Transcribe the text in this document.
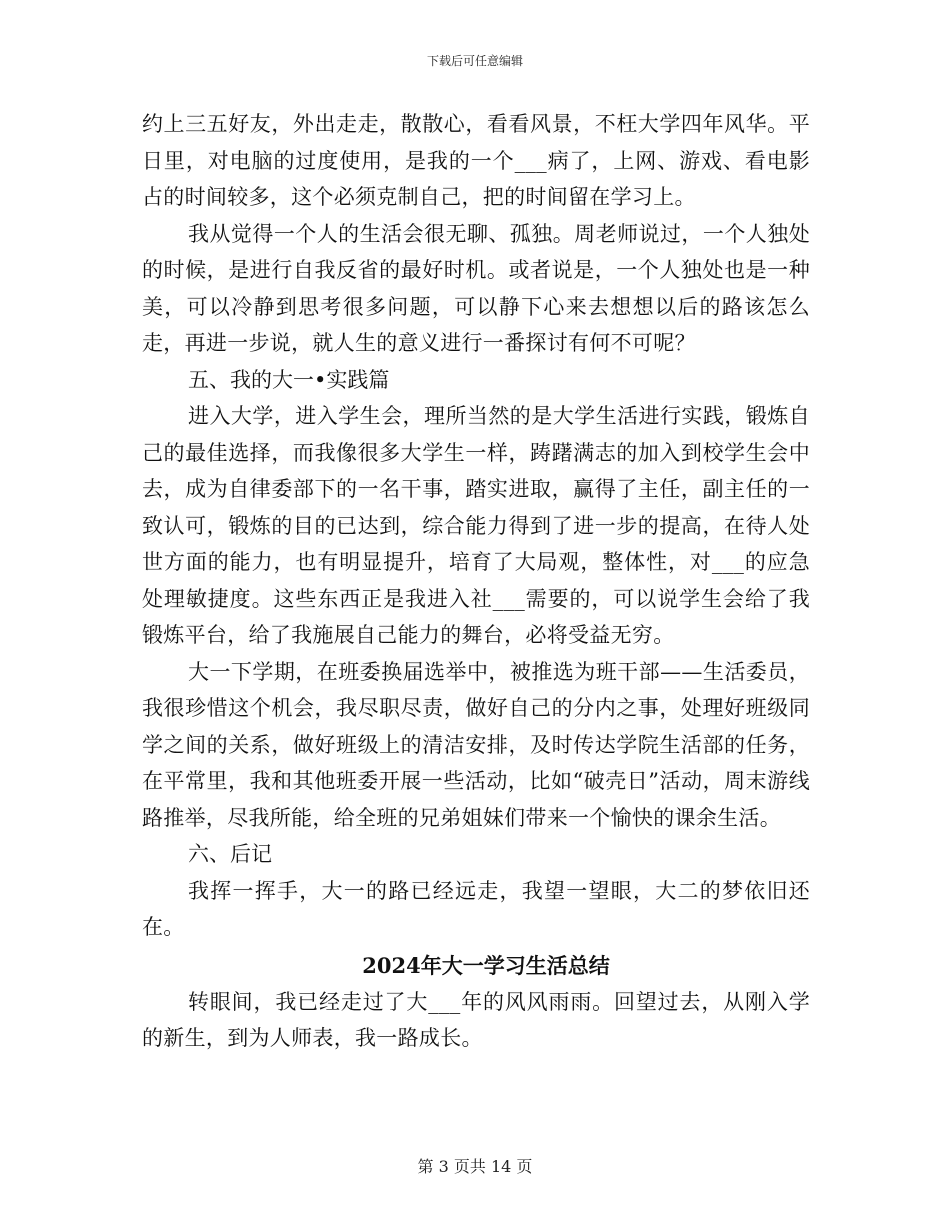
下载后可任意编辑

约上三五好友，外出走走，散散心，看看风景，不枉大学四年风华。平日里，对电脑的过度使用，是我的一个___病了，上网、游戏、看电影占的时间较多，这个必须克制自己，把的时间留在学习上。

我从觉得一个人的生活会很无聊、孤独。周老师说过，一个人独处的时候，是进行自我反省的最好时机。或者说是，一个人独处也是一种美，可以冷静到思考很多问题，可以静下心来去想想以后的路该怎么走，再进一步说，就人生的意义进行一番探讨有何不可呢？

五、我的大一•实践篇

进入大学，进入学生会，理所当然的是大学生活进行实践，锻炼自己的最佳选择，而我像很多大学生一样，踌躇满志的加入到校学生会中去，成为自律委部下的一名干事，踏实进取，赢得了主任，副主任的一致认可，锻炼的目的已达到，综合能力得到了进一步的提高，在待人处世方面的能力，也有明显提升，培育了大局观，整体性，对___的应急处理敏捷度。这些东西正是我进入社___需要的，可以说学生会给了我锻炼平台，给了我施展自己能力的舞台，必将受益无穷。

大一下学期，在班委换届选举中，被推选为班干部——生活委员，我很珍惜这个机会，我尽职尽责，做好自己的分内之事，处理好班级同学之间的关系，做好班级上的清洁安排，及时传达学院生活部的任务，在平常里，我和其他班委开展一些活动，比如“破壳日”活动，周末游线路推举，尽我所能，给全班的兄弟姐妹们带来一个愉快的课余生活。

六、后记

我挥一挥手，大一的路已经远走，我望一望眼，大二的梦依旧还在。

2024年大一学习生活总结

转眼间，我已经走过了大___年的风风雨雨。回望过去，从刚入学的新生，到为人师表，我一路成长。

第 3 页共 14 页
